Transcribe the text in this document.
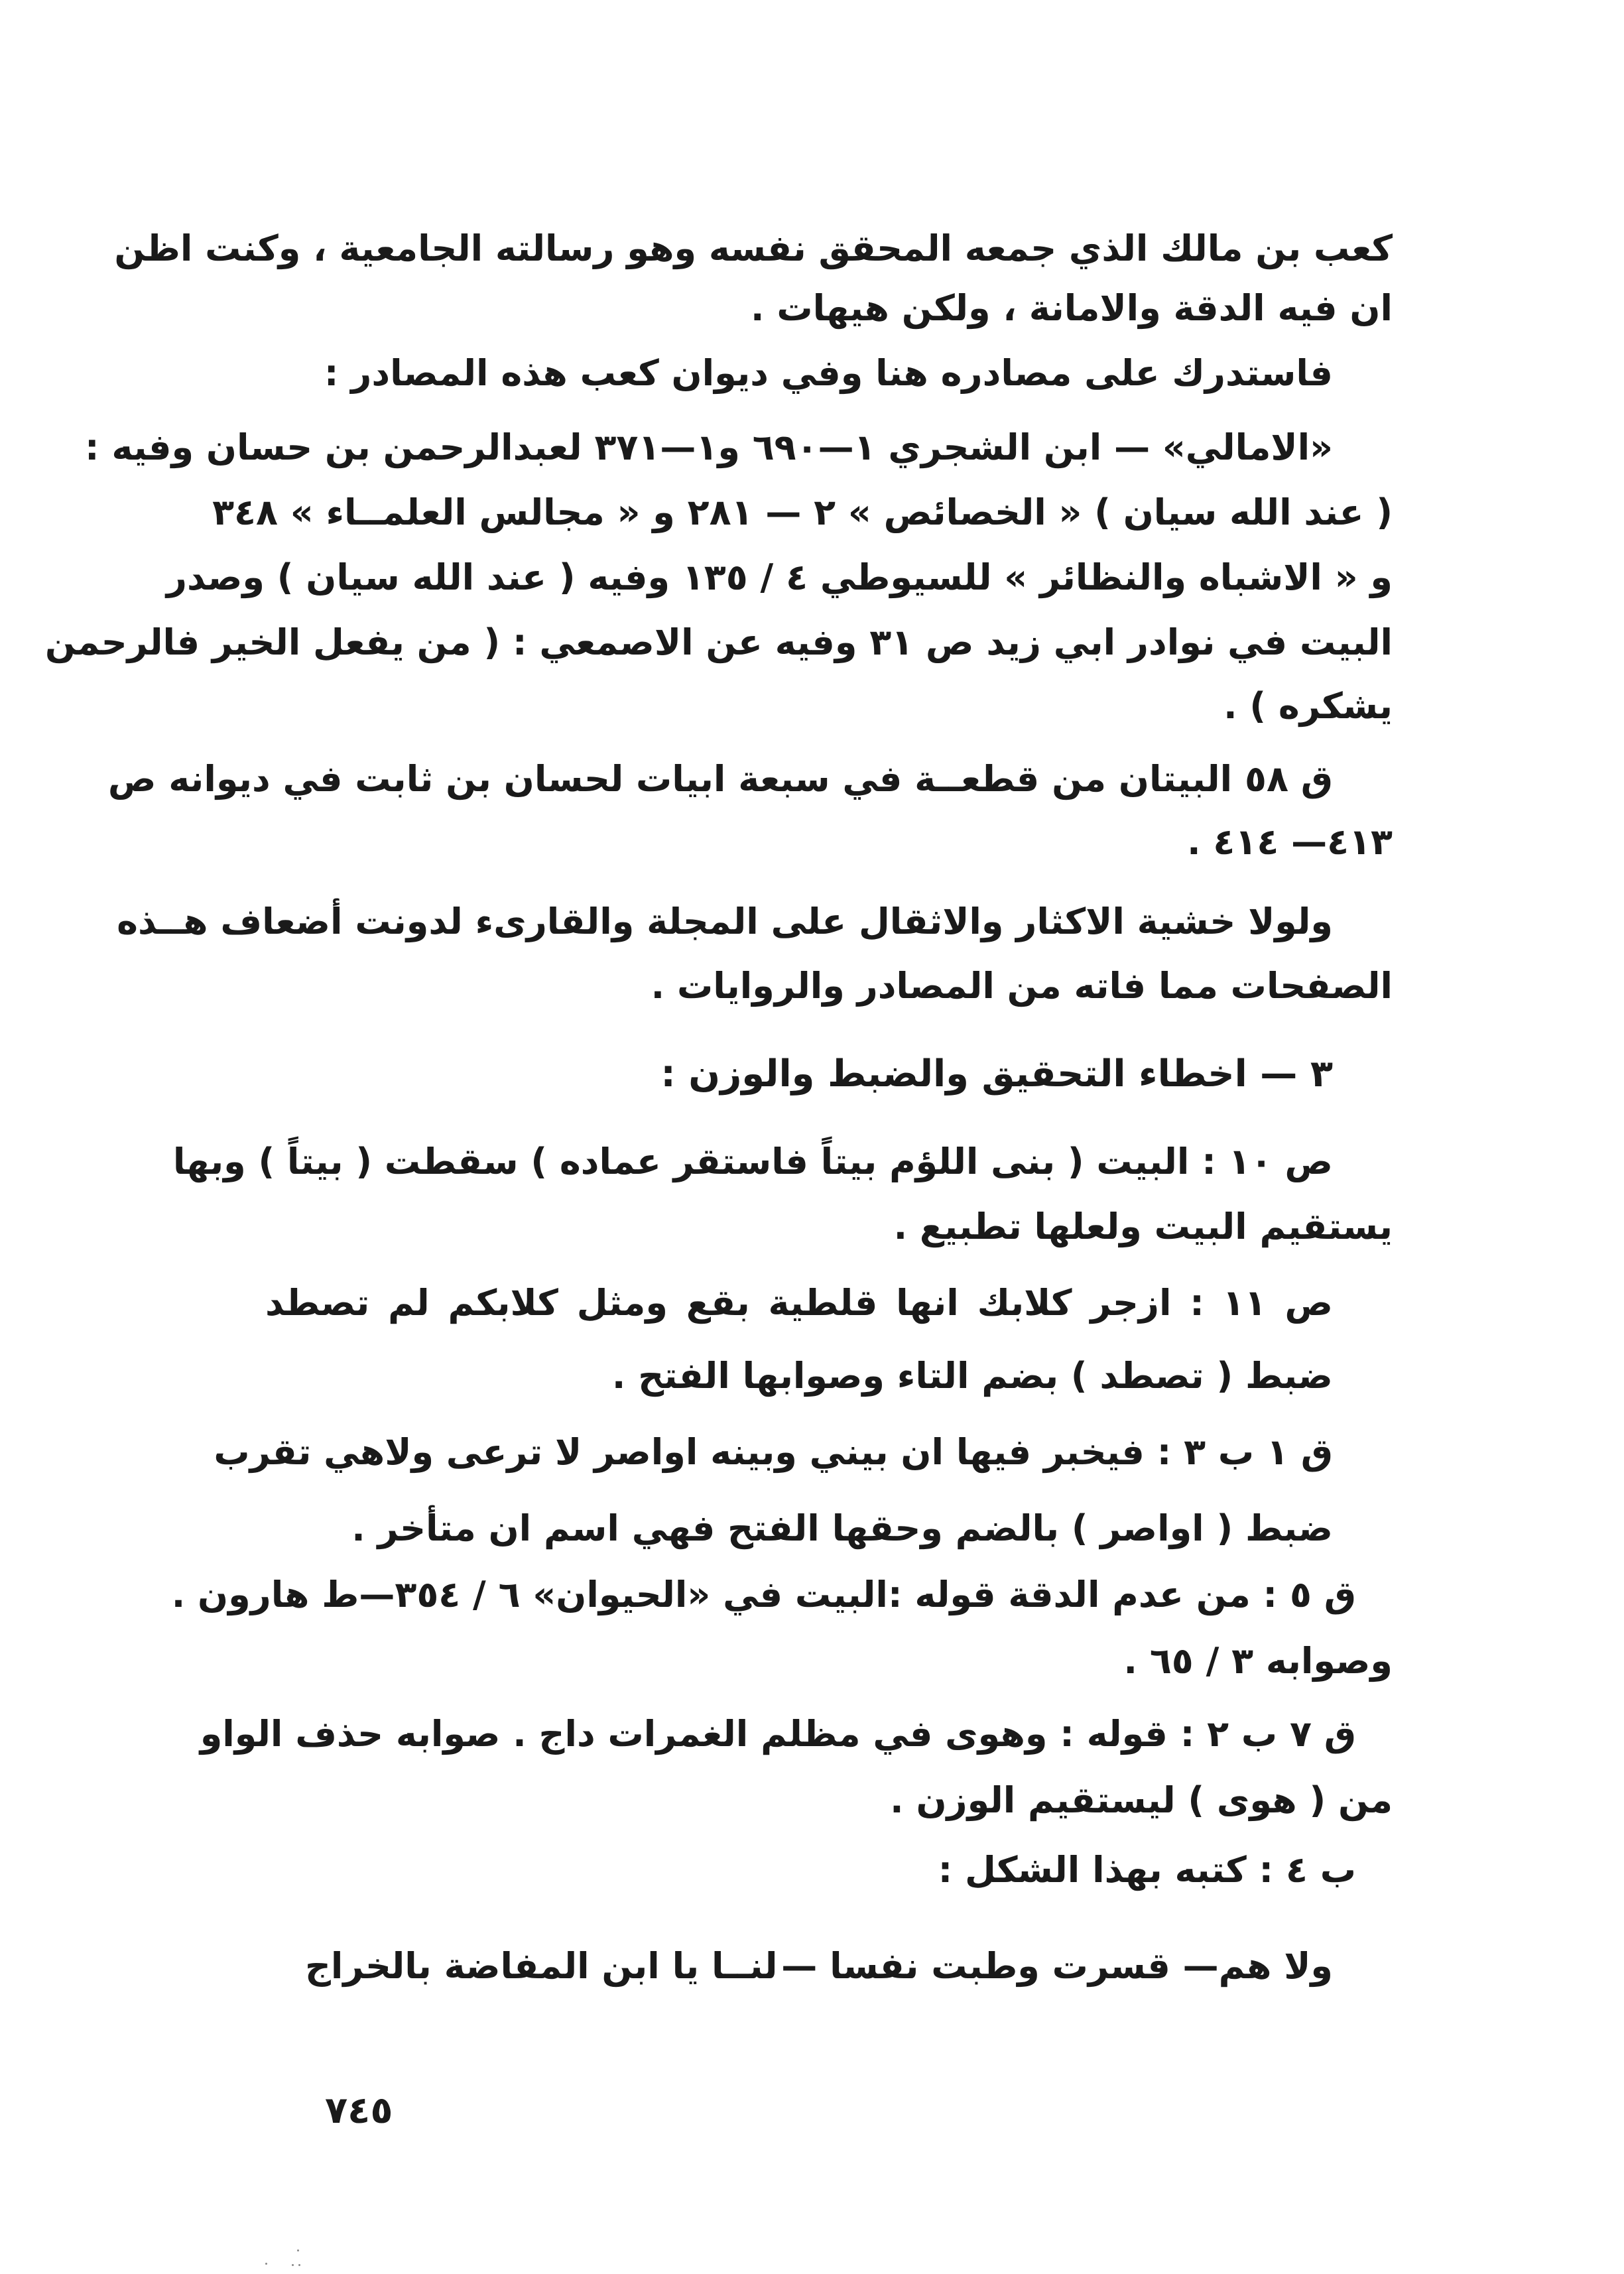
كعب بن مالك الذي جمعه المحقق نفسه وهو رسالته الجامعية ، وكنت اظن
ان فيه الدقة والامانة ، ولكن هيهات .
فاستدرك على مصادره هنا وفي ديوان كعب هذه المصادر :
«الامالي» — ابن الشجري ١—٦٩٠ و١—٣٧١ لعبدالرحمن بن حسان وفيه :
( عند الله سيان ) « الخصائص » ٢ — ٢٨١ و « مجالس العلمــاء » ٣٤٨
و « الاشباه والنظائر » للسيوطي ٤ / ١٣٥ وفيه ( عند الله سيان ) وصدر
البيت في نوادر ابي زيد ص ٣١ وفيه عن الاصمعي : ( من يفعل الخير فالرحمن
يشكره ) .
ق ٥٨ البيتان من قطعــة في سبعة ابيات لحسان بن ثابت في ديوانه ص
٤١٣— ٤١٤ .
ولولا خشية الاكثار والاثقال على المجلة والقارىء لدونت أضعاف هــذه
الصفحات مما فاته من المصادر والروايات .
٣ — اخطاء التحقيق والضبط والوزن :
ص ١٠ : البيت ( بنى اللؤم بيتاً فاستقر عماده ) سقطت ( بيتاً ) وبها
يستقيم البيت ولعلها تطبيع .
ص ١١ : ازجر كلابك انها قلطية بقع ومثل كلابكم لم تصطد
ضبط ( تصطد ) بضم التاء وصوابها الفتح .
ق ١ ب ٣ : فيخبر فيها ان بيني وبينه اواصر لا ترعى ولاهي تقرب
ضبط ( اواصر ) بالضم وحقها الفتح فهي اسم ان متأخر .
ق ٥ : من عدم الدقة قوله :البيت في «الحيوان» ٦ / ٣٥٤—ط هارون .
وصوابه ٣ / ٦٥ .
ق ٧ ب ٢ : قوله : وهوى في مظلم الغمرات داج . صوابه حذف الواو
من ( هوى ) ليستقيم الوزن .
ب ٤ : كتبه بهذا الشكل :
ولا هم— قسرت وطبت نفسا —
لنــا يا ابن المفاضة بالخراج
٧٤٥
